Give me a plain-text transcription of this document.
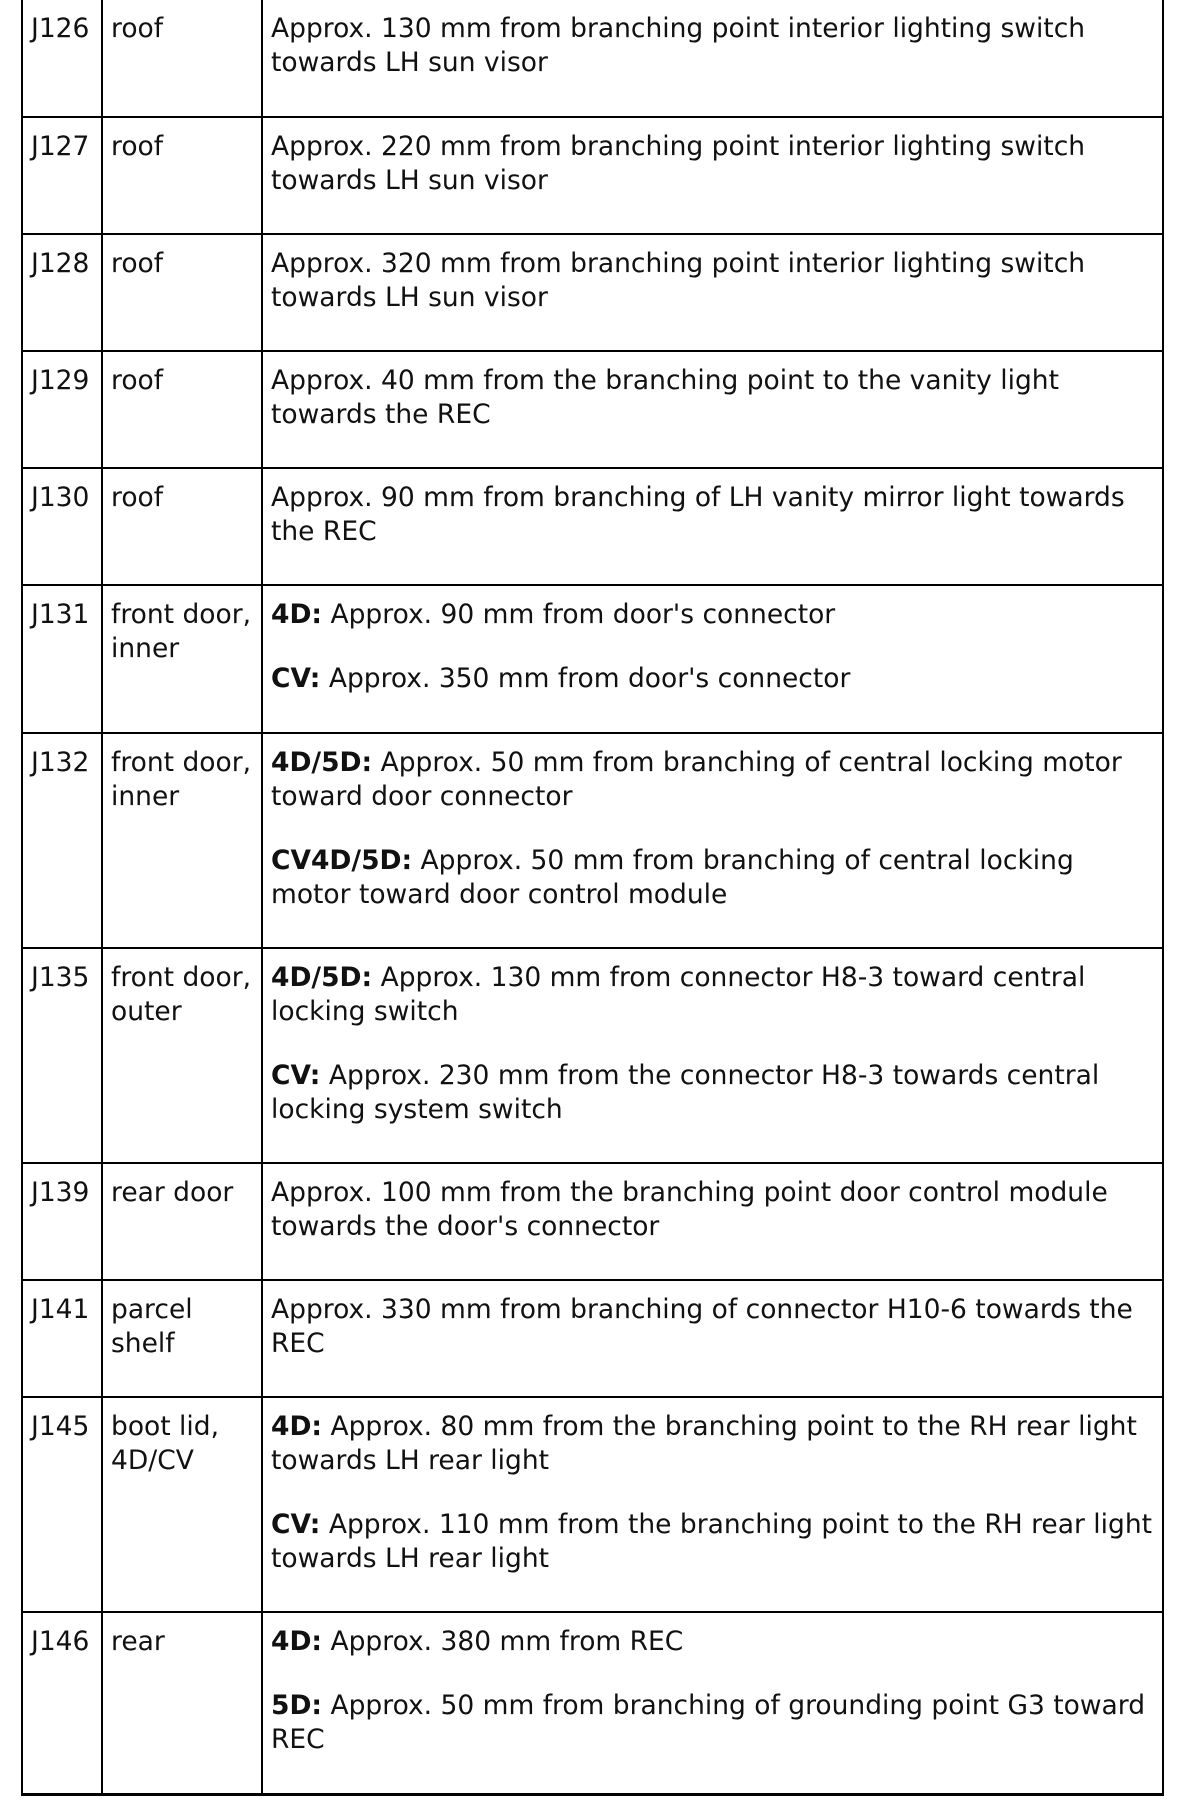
J126	roof	Approx. 130 mm from branching point interior lighting switch towards LH sun visor

J127	roof	Approx. 220 mm from branching point interior lighting switch towards LH sun visor

J128	roof	Approx. 320 mm from branching point interior lighting switch towards LH sun visor

J129	roof	Approx. 40 mm from the branching point to the vanity light towards the REC

J130	roof	Approx. 90 mm from branching of LH vanity mirror light towards the REC

J131	front door, inner	4D: Approx. 90 mm from door's connector
CV: Approx. 350 mm from door's connector

J132	front door, inner	4D/5D: Approx. 50 mm from branching of central locking motor toward door connector
CV4D/5D: Approx. 50 mm from branching of central locking motor toward door control module

J135	front door, outer	4D/5D: Approx. 130 mm from connector H8-3 toward central locking switch
CV: Approx. 230 mm from the connector H8-3 towards central locking system switch

J139	rear door	Approx. 100 mm from the branching point door control module towards the door's connector

J141	parcel shelf	Approx. 330 mm from branching of connector H10-6 towards the REC

J145	boot lid, 4D/CV	4D: Approx. 80 mm from the branching point to the RH rear light towards LH rear light
CV: Approx. 110 mm from the branching point to the RH rear light towards LH rear light

J146	rear	4D: Approx. 380 mm from REC
5D: Approx. 50 mm from branching of grounding point G3 toward REC
